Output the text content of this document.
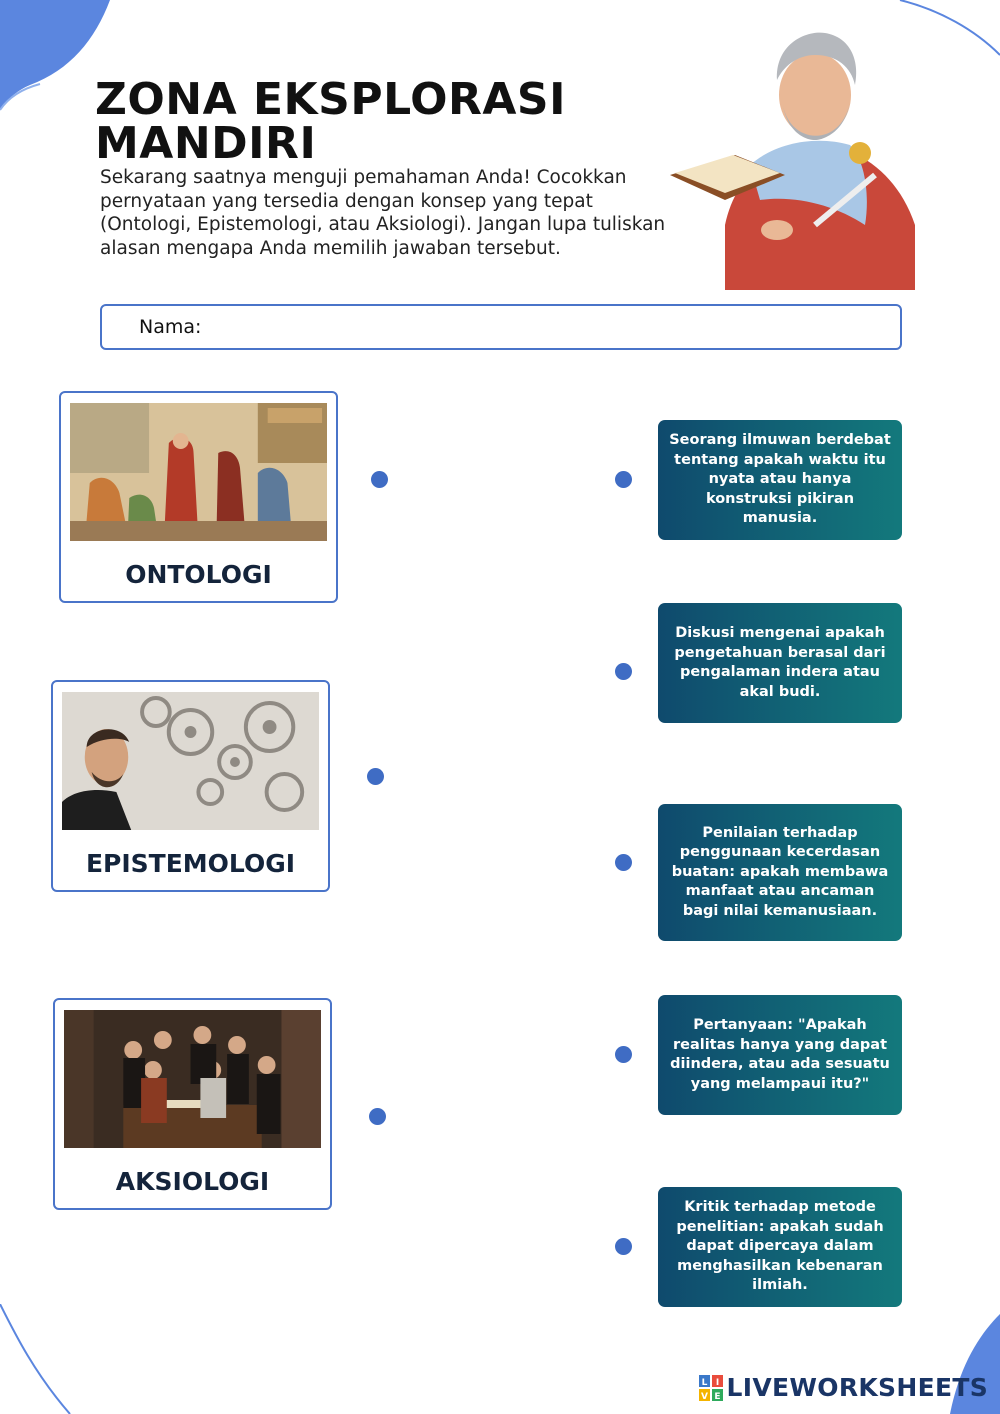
ZONA EKSPLORASI
MANDIRI
Sekarang saatnya menguji pemahaman Anda! Cocokkan pernyataan yang tersedia dengan konsep yang tepat (Ontologi, Epistemologi, atau Aksiologi). Jangan lupa tuliskan alasan mengapa Anda memilih jawaban tersebut.
Nama:
ONTOLOGI
EPISTEMOLOGI
AKSIOLOGI
Seorang ilmuwan berdebat tentang apakah waktu itu nyata atau hanya konstruksi pikiran manusia.
Diskusi mengenai apakah pengetahuan berasal dari pengalaman indera atau akal budi.
Penilaian terhadap penggunaan kecerdasan buatan: apakah membawa manfaat atau ancaman bagi nilai kemanusiaan.
Pertanyaan: "Apakah realitas hanya yang dapat diindera, atau ada sesuatu yang melampaui itu?"
Kritik terhadap metode penelitian: apakah sudah dapat dipercaya dalam menghasilkan kebenaran ilmiah.
L I
V E LIVEWORKSHEETS
